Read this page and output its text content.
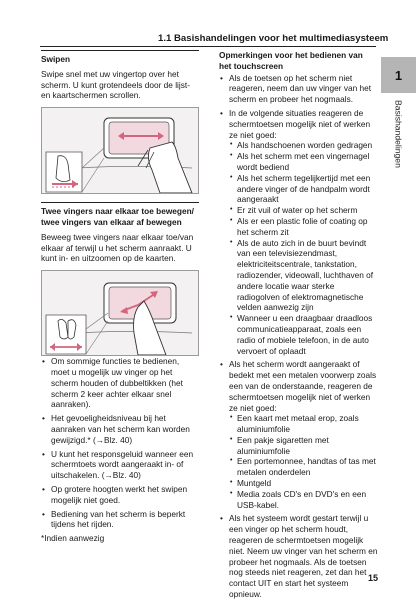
1.1 Basishandelingen voor het multimediasysteem
1
Basishandelingen
Swipen

Swipe snel met uw vingertop over het scherm. U kunt grotendeels door de lijst- en kaartschermen scrollen.

Twee vingers naar elkaar toe bewegen/
twee vingers van elkaar af bewegen

Beweeg twee vingers naar elkaar toe/van elkaar af terwijl u het scherm aanraakt. U kunt in- en uitzoomen op de kaarten.

• Om sommige functies te bedienen, moet u mogelijk uw vinger op het scherm houden of dubbeltikken (het scherm 2 keer achter elkaar snel aanraken).
• Het gevoeligheidsniveau bij het aanraken van het scherm kan worden gewijzigd.* (→Blz. 40)
• U kunt het responsgeluid wanneer een schermtoets wordt aangeraakt in- of uitschakelen. (→Blz. 40)
• Op grotere hoogten werkt het swipen mogelijk niet goed.
• Bediening van het scherm is beperkt tijdens het rijden.
*Indien aanwezig
Opmerkingen voor het bedienen van
het touchscreen
• Als de toetsen op het scherm niet reageren, neem dan uw vinger van het scherm en probeer het nogmaals.
• In de volgende situaties reageren de schermtoetsen mogelijk niet of werken ze niet goed:
• Als handschoenen worden gedragen
• Als het scherm met een vingernagel wordt bediend
• Als het scherm tegelijkertijd met een andere vinger of de handpalm wordt aangeraakt
• Er zit vuil of water op het scherm
• Als er een plastic folie of coating op het scherm zit
• Als de auto zich in de buurt bevindt van een televisiezendmast, elektriciteitscentrale, tankstation, radiozender, videowall, luchthaven of andere locatie waar sterke radiogolven of elektromagnetische velden aanwezig zijn
• Wanneer u een draagbaar draadloos communicatieapparaat, zoals een radio of mobiele telefoon, in de auto vervoert of oplaadt
• Als het scherm wordt aangeraakt of bedekt met een metalen voorwerp zoals een van de onderstaande, reageren de schermtoetsen mogelijk niet of werken ze niet goed:
• Een kaart met metaal erop, zoals aluminiumfolie
• Een pakje sigaretten met aluminiumfolie
• Een portemonnee, handtas of tas met metalen onderdelen
• Muntgeld
• Media zoals CD's en DVD's en een USB-kabel.
• Als het systeem wordt gestart terwijl u een vinger op het scherm houdt, reageren de schermtoetsen mogelijk niet. Neem uw vinger van het scherm en probeer het nogmaals. Als de toetsen nog steeds niet reageren, zet dan het contact UIT en start het systeem opnieuw.
15
